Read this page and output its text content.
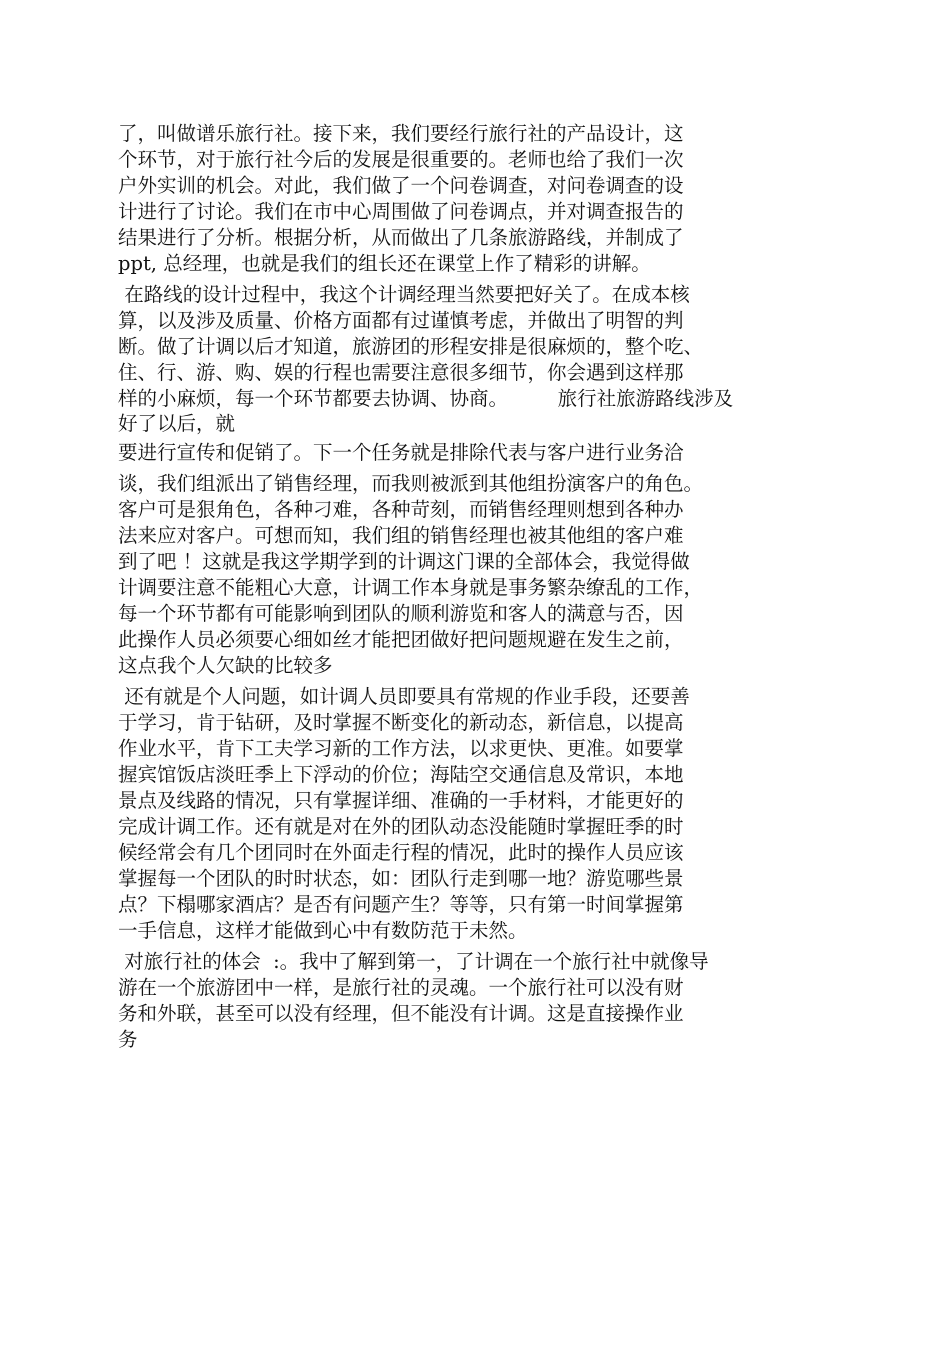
了，叫做谱乐旅行社。接下来，我们要经行旅行社的产品设计，这
个环节，对于旅行社今后的发展是很重要的。老师也给了我们一次
户外实训的机会。对此，我们做了一个问卷调查，对问卷调查的设
计进行了讨论。我们在市中心周围做了问卷调点，并对调查报告的
结果进行了分析。根据分析，从而做出了几条旅游路线，并制成了
ppt, 总经理，也就是我们的组长还在课堂上作了精彩的讲解。
在路线的设计过程中，我这个计调经理当然要把好关了。在成本核
算，以及涉及质量、价格方面都有过谨慎考虑，并做出了明智的判
断。做了计调以后才知道，旅游团的形程安排是很麻烦的，整个吃、
住、行、游、购、娱的行程也需要注意很多细节，你会遇到这样那
样的小麻烦，每一个环节都要去协调、协商。        旅行社旅游路线涉及
好了以后，就
要进行宣传和促销了。下一个任务就是排除代表与客户进行业务洽
谈，我们组派出了销售经理，而我则被派到其他组扮演客户的角色。
客户可是狠角色，各种刁难，各种苛刻，而销售经理则想到各种办
法来应对客户。可想而知，我们组的销售经理也被其他组的客户难
到了吧 ！这就是我这学期学到的计调这门课的全部体会，我觉得做
计调要注意不能粗心大意，计调工作本身就是事务繁杂缭乱的工作，
每一个环节都有可能影响到团队的顺利游览和客人的满意与否，因
此操作人员必须要心细如丝才能把团做好把问题规避在发生之前，
这点我个人欠缺的比较多
还有就是个人问题，如计调人员即要具有常规的作业手段，还要善
于学习，肯于钻研，及时掌握不断变化的新动态，新信息，以提高
作业水平，肯下工夫学习新的工作方法，以求更快、更准。如要掌
握宾馆饭店淡旺季上下浮动的价位；海陆空交通信息及常识，本地
景点及线路的情况，只有掌握详细、准确的一手材料，才能更好的
完成计调工作。还有就是对在外的团队动态没能随时掌握旺季的时
候经常会有几个团同时在外面走行程的情况，此时的操作人员应该
掌握每一个团队的时时状态，如：团队行走到哪一地？游览哪些景
点？下榻哪家酒店？是否有问题产生？等等，只有第一时间掌握第
一手信息，这样才能做到心中有数防范于未然。
对旅行社的体会  :。我中了解到第一，了计调在一个旅行社中就像导
游在一个旅游团中一样，是旅行社的灵魂。一个旅行社可以没有财
务和外联，甚至可以没有经理，但不能没有计调。这是直接操作业
务
